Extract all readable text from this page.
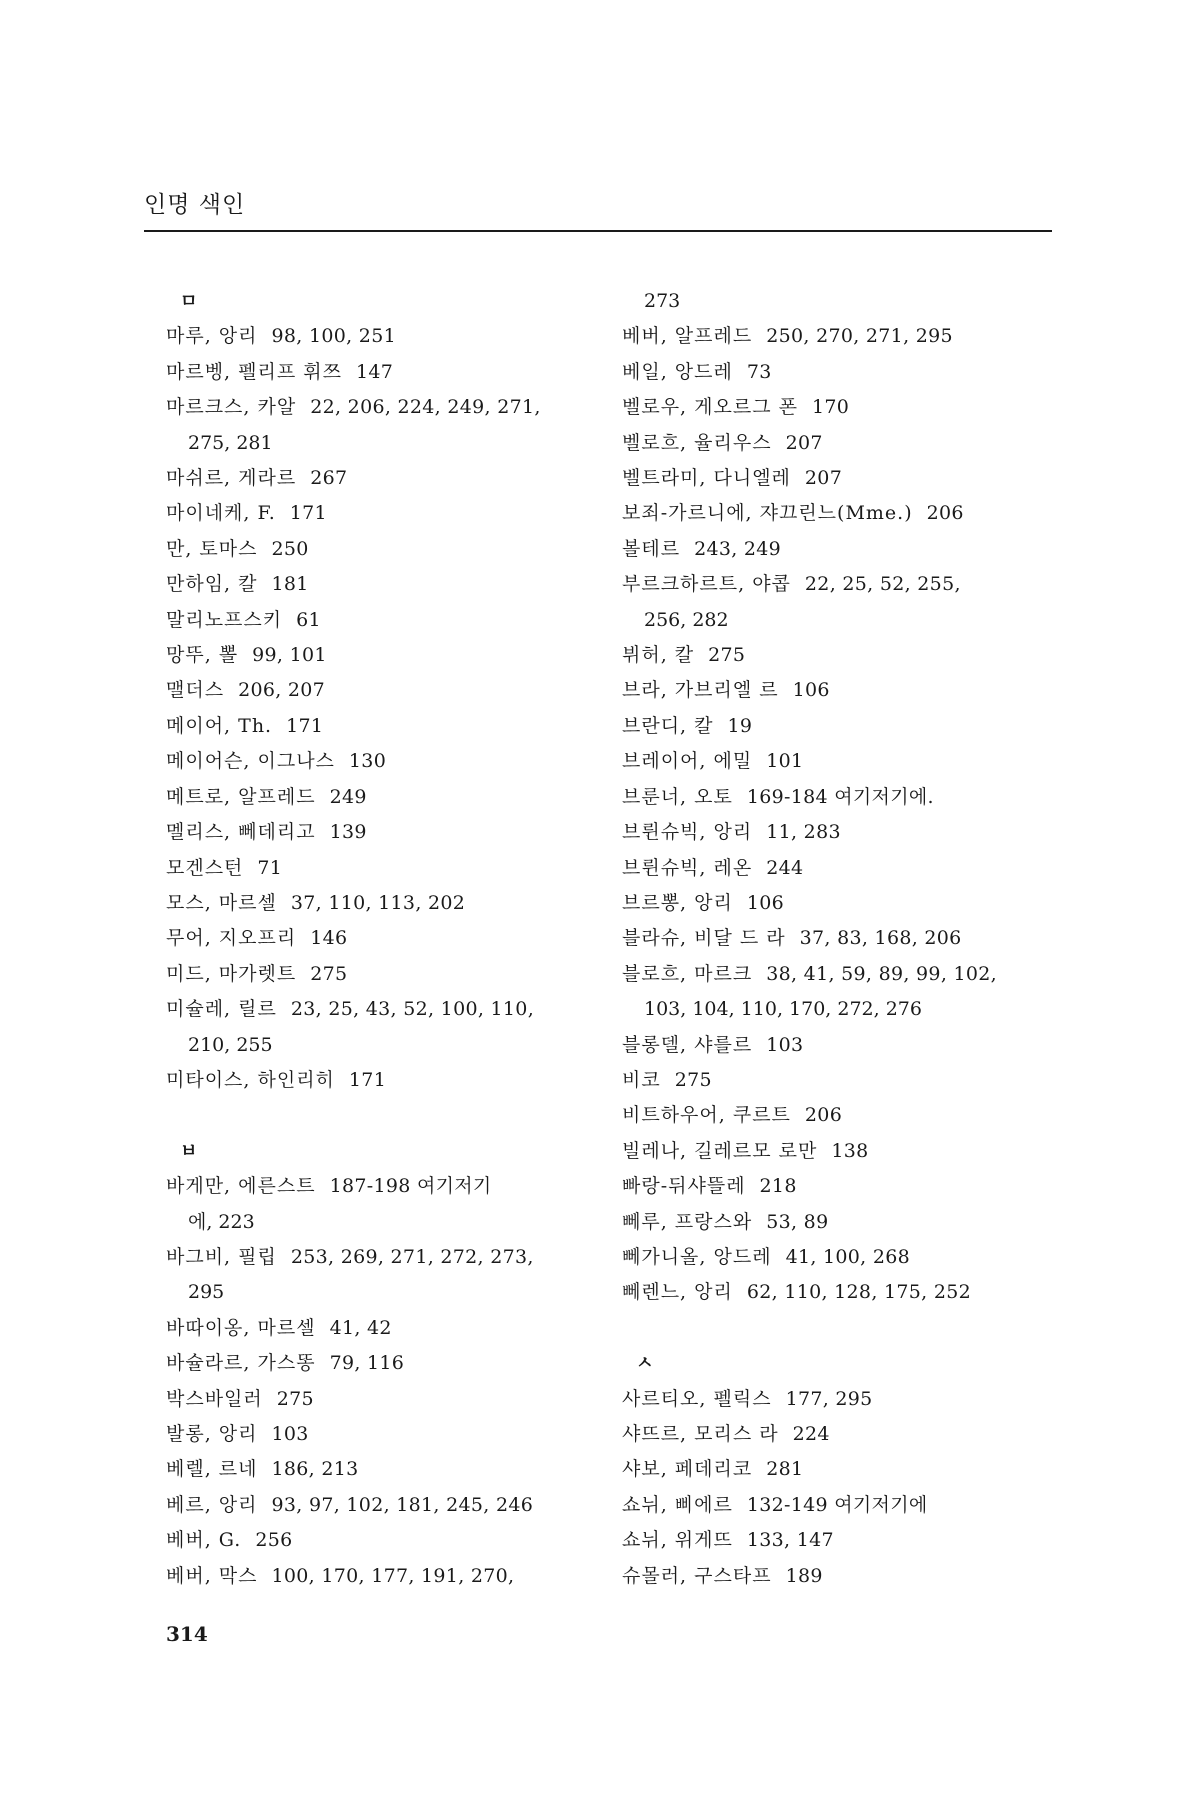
인명 색인
ㅁ
마루, 앙리 98, 100, 251
마르벵, 펠리프 휘쯔 147
마르크스, 카알 22, 206, 224, 249, 271,
275, 281
마쉬르, 게라르 267
마이네케, F. 171
만, 토마스 250
만하임, 칼 181
말리노프스키 61
망뚜, 뽈 99, 101
맬더스 206, 207
메이어, Th. 171
메이어슨, 이그나스 130
메트로, 알프레드 249
멜리스, 뻬데리고 139
모겐스턴 71
모스, 마르셀 37, 110, 113, 202
무어, 지오프리 146
미드, 마가렛트 275
미슐레, 릴르 23, 25, 43, 52, 100, 110,
210, 255
미타이스, 하인리히 171
ㅂ
바게만, 에른스트 187-198 여기저기
에, 223
바그비, 필립 253, 269, 271, 272, 273,
295
바따이옹, 마르셀 41, 42
바슐라르, 가스똥 79, 116
박스바일러 275
발롱, 앙리 103
베렐, 르네 186, 213
베르, 앙리 93, 97, 102, 181, 245, 246
베버, G. 256
베버, 막스 100, 170, 177, 191, 270,
273
베버, 알프레드 250, 270, 271, 295
베일, 앙드레 73
벨로우, 게오르그 폰 170
벨로흐, 율리우스 207
벨트라미, 다니엘레 207
보죄-가르니에, 쟈끄린느(Mme.) 206
볼테르 243, 249
부르크하르트, 야콥 22, 25, 52, 255,
256, 282
뷔허, 칼 275
브라, 가브리엘 르 106
브란디, 칼 19
브레이어, 에밀 101
브룬너, 오토 169-184 여기저기에.
브륀슈빅, 앙리 11, 283
브륀슈빅, 레온 244
브르뽕, 앙리 106
블라슈, 비달 드 라 37, 83, 168, 206
블로흐, 마르크 38, 41, 59, 89, 99, 102,
103, 104, 110, 170, 272, 276
블롱델, 샤를르 103
비코 275
비트하우어, 쿠르트 206
빌레나, 길레르모 로만 138
빠랑-뒤샤뜰레 218
뻬루, 프랑스와 53, 89
뻬가니올, 앙드레 41, 100, 268
뻬렌느, 앙리 62, 110, 128, 175, 252
ㅅ
사르티오, 펠릭스 177, 295
샤뜨르, 모리스 라 224
샤보, 페데리코 281
쇼뉘, 삐에르 132-149 여기저기에
쇼뉘, 위게뜨 133, 147
슈몰러, 구스타프 189
314
